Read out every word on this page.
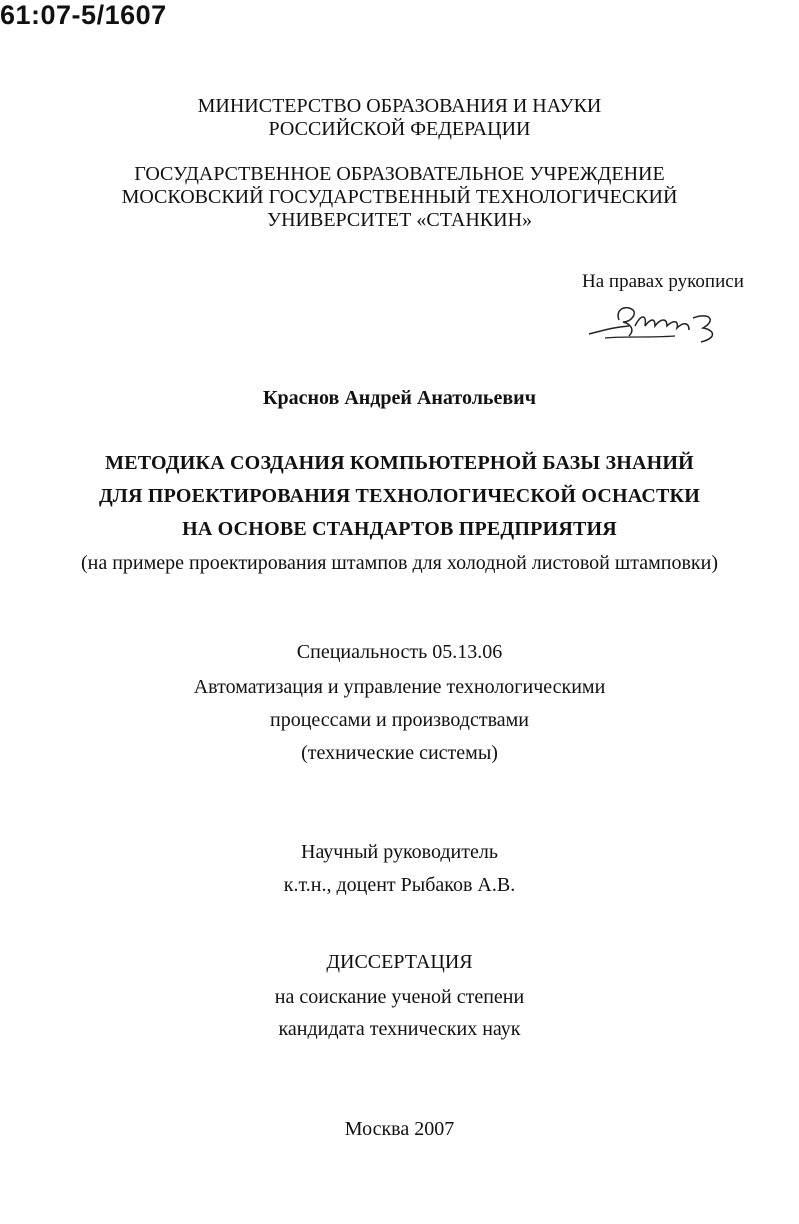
61:07-5/1607
МИНИСТЕРСТВО ОБРАЗОВАНИЯ И НАУКИ
РОССИЙСКОЙ ФЕДЕРАЦИИ
ГОСУДАРСТВЕННОЕ ОБРАЗОВАТЕЛЬНОЕ УЧРЕЖДЕНИЕ
МОСКОВСКИЙ ГОСУДАРСТВЕННЫЙ ТЕХНОЛОГИЧЕСКИЙ
УНИВЕРСИТЕТ «СТАНКИН»
На правах рукописи
Краснов Андрей Анатольевич
МЕТОДИКА СОЗДАНИЯ КОМПЬЮТЕРНОЙ БАЗЫ ЗНАНИЙ
ДЛЯ ПРОЕКТИРОВАНИЯ ТЕХНОЛОГИЧЕСКОЙ ОСНАСТКИ
НА ОСНОВЕ СТАНДАРТОВ ПРЕДПРИЯТИЯ
(на примере проектирования штампов для холодной листовой штамповки)
Специальность 05.13.06
Автоматизация и управление технологическими
процессами и производствами
(технические системы)
Научный руководитель
к.т.н., доцент Рыбаков А.В.
ДИССЕРТАЦИЯ
на соискание ученой степени
кандидата технических наук
Москва 2007
